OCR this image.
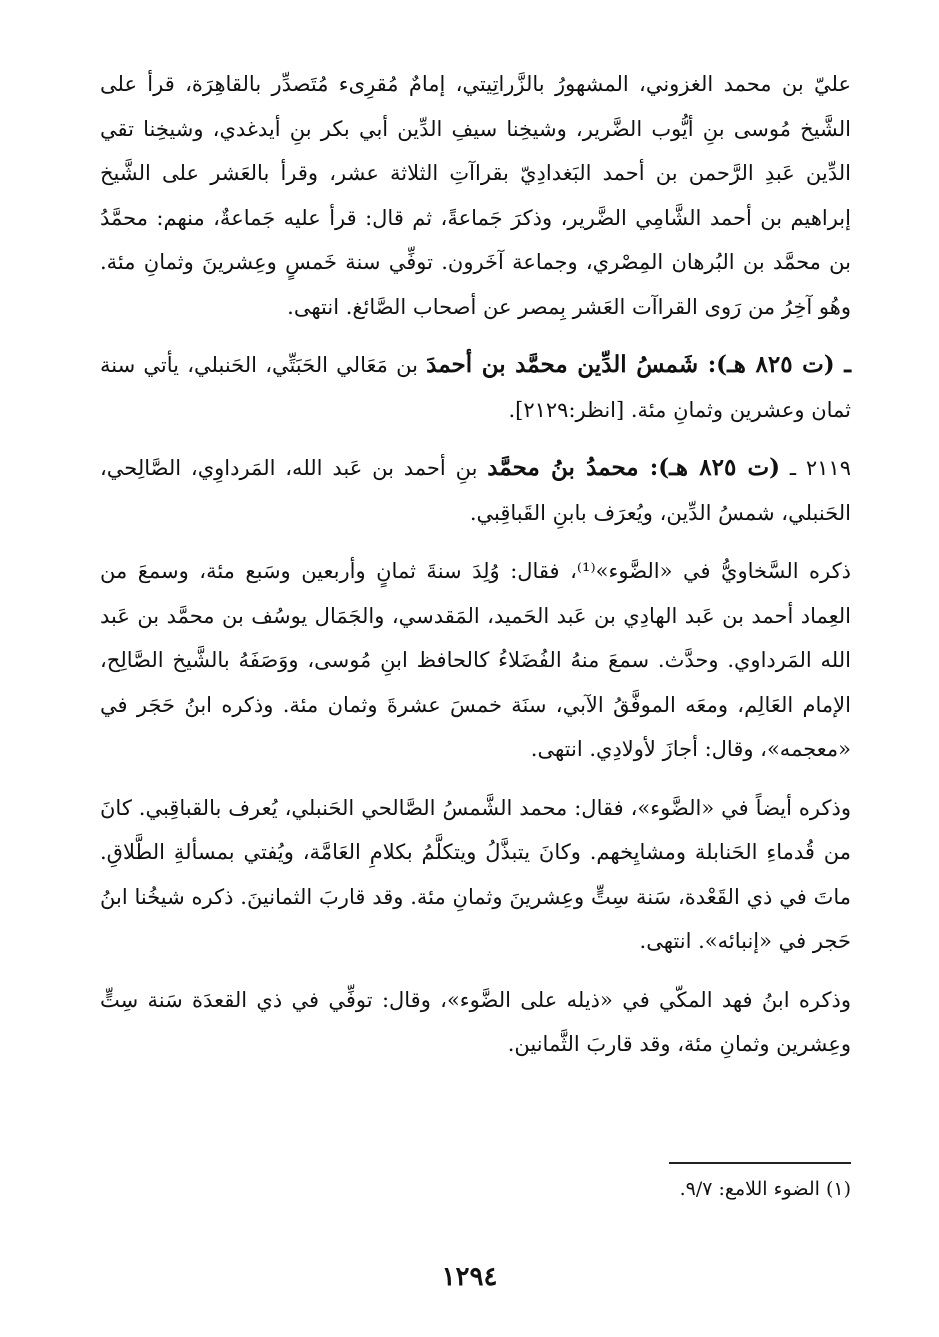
عليّ بن محمد الغزوني، المشهورُ بالزَّراتِيتي، إمامٌ مُقرِىء مُتَصدِّر بالقاهِرَة، قرأ على الشَّيخ مُوسى بنِ أيُّوب الضَّرير، وشيخِنا سيفِ الدِّين أبي بكر بنِ أيدغدي، وشيخِنا تقي الدِّين عَبدِ الرَّحمن بن أحمد البَغدادِيّ بقراآتِ الثلاثة عشر، وقرأ بالعَشر على الشَّيخ إبراهيم بن أحمد الشَّامِي الضَّرير، وذكرَ جَماعةً، ثم قال: قرأ عليه جَماعةٌ، منهم: محمَّدُ بن محمَّد بن البُرهان المِصْري، وجماعة آخَرون. توفِّي سنة خَمسٍ وعِشرينَ وثمانِ مئة. وهُو آخِرُ من رَوى القراآت العَشر بِمصر عن أصحاب الصَّائغ. انتهى.

ـ (ت ٨٢٥ هـ): شَمسُ الدِّين محمَّد بن أحمدَ بن مَعَالي الحَبَتِّي، الحَنبلي، يأتي سنة ثمان وعشرين وثمانِ مئة. [انظر:٢١٢٩].

٢١١٩ ـ (ت ٨٢٥ هـ): محمدُ بنُ محمَّد بنِ أحمد بن عَبد الله، المَرداوِي، الصَّالِحي، الحَنبلي، شمسُ الدِّين، ويُعرَف بابنِ القَباقِبي.

ذكره السَّخاويُّ في «الضَّوء»⁽¹⁾، فقال: وُلِدَ سنةَ ثمانٍ وأربعين وسَبع مئة، وسمعَ من العِماد أحمد بن عَبد الهادِي بن عَبد الحَميد، المَقدسي، والجَمَال يوسُف بن محمَّد بن عَبد الله المَرداوي. وحدَّث. سمعَ منهُ الفُضَلاءُ كالحافظ ابنِ مُوسى، ووَصَفَهُ بالشَّيخ الصَّالِح، الإمام العَالِم، ومعَه الموفَّقُ الآبي، سنَة خمسَ عشرةَ وثمان مئة. وذكره ابنُ حَجَر في «معجمه»، وقال: أجازَ لأولادِي. انتهى.

وذكره أيضاً في «الضَّوء»، فقال: محمد الشَّمسُ الصَّالحي الحَنبلي، يُعرف بالقباقِبي. كانَ من قُدماءِ الحَنابلة ومشايِخهم. وكانَ يتبذَّلُ ويتكلَّمُ بكلامِ العَامَّة، ويُفتي بمسألةِ الطَّلاقِ. ماتَ في ذي القَعْدة، سَنة سِتٍّ وعِشرينَ وثمانِ مئة. وقد قاربَ الثمانينَ. ذكره شيخُنا ابنُ حَجر في «إنبائه». انتهى.

وذكره ابنُ فهد المكّي في «ذيله على الضَّوء»، وقال: توفِّي في ذي القعدَة سَنة سِتٍّ وعِشرين وثمانِ مئة، وقد قاربَ الثَّمانين.

(١) الضوء اللامع: ٩/٧.

١٢٩٤
